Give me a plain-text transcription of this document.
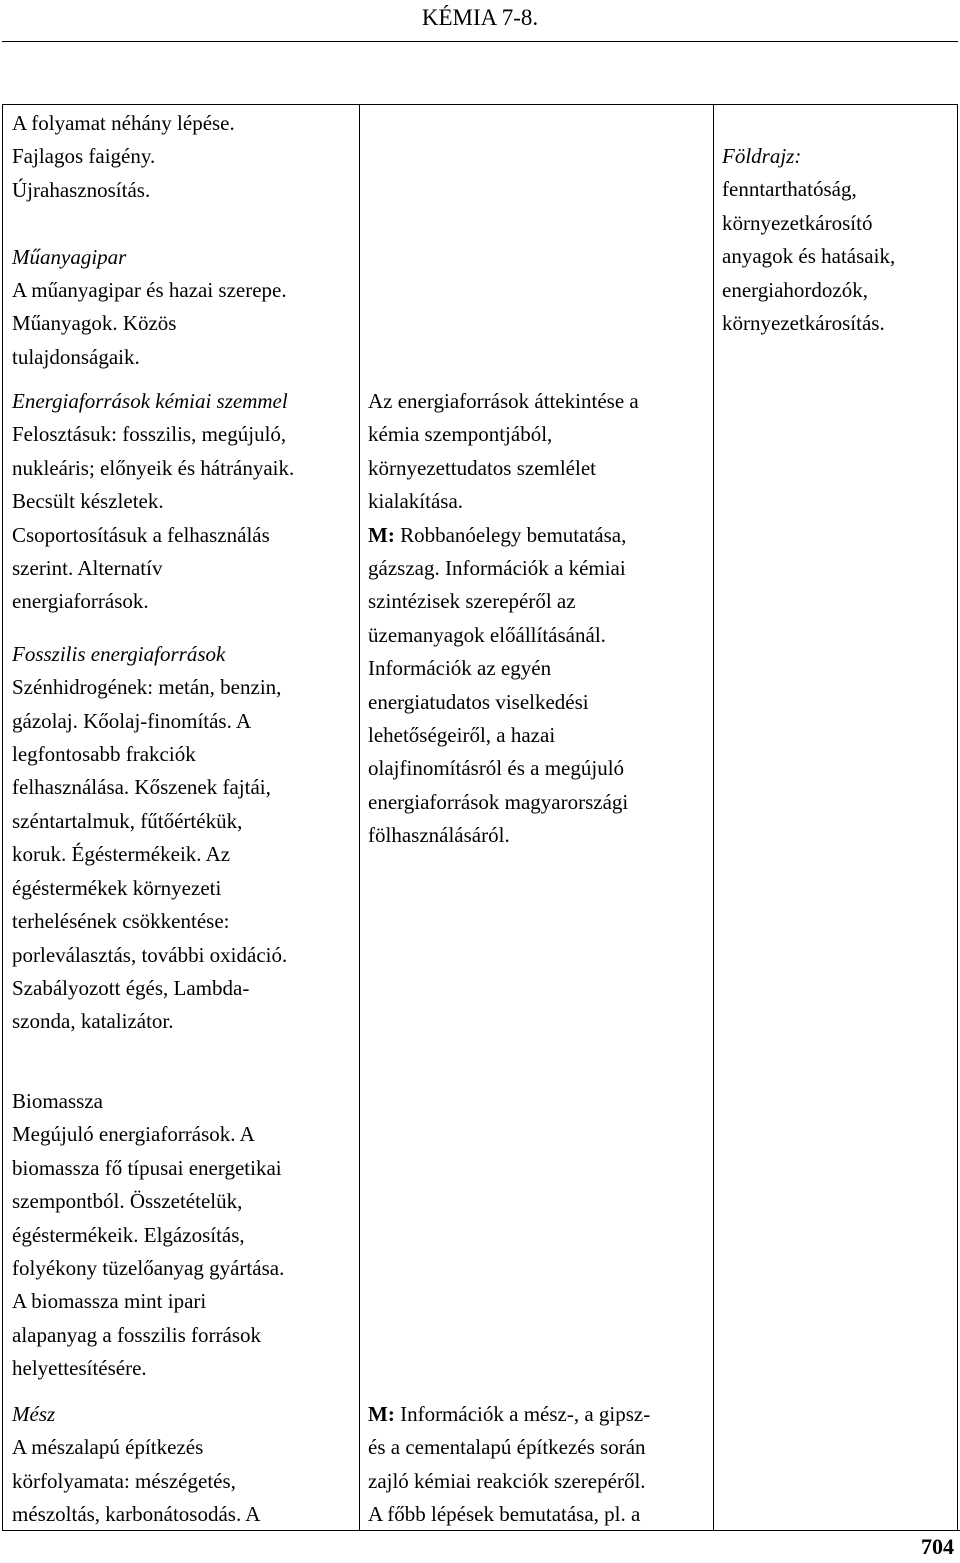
KÉMIA 7-8.

A folyamat néhány lépése.

Fajlagos faigény.

Újrahasznosítás.

Műanyagipar

A műanyagipar és hazai szerepe.

Műanyagok. Közös

tulajdonságaik.

Energiaforrások kémiai szemmel

Felosztásuk: fosszilis, megújuló,

nukleáris; előnyeik és hátrányaik.

Becsült készletek.

Csoportosításuk a felhasználás

szerint. Alternatív

energiaforrások.

Fosszilis energiaforrások

Szénhidrogének: metán, benzin,

gázolaj. Kőolaj-finomítás. A

legfontosabb frakciók

felhasználása. Kőszenek fajtái,

széntartalmuk, fűtőértékük,

koruk. Égéstermékeik. Az

égéstermékek környezeti

terhelésének csökkentése:

porleválasztás, további oxidáció.

Szabályozott égés, Lambda-

szonda, katalizátor.

Biomassza

Megújuló energiaforrások. A

biomassza fő típusai energetikai

szempontból. Összetételük,

égéstermékeik. Elgázosítás,

folyékony tüzelőanyag gyártása.

A biomassza mint ipari

alapanyag a fosszilis források

helyettesítésére.

Mész

A mészalapú építkezés

körfolyamata: mészégetés,

mészoltás, karbonátosodás. A

Az energiaforrások áttekintése a

kémia szempontjából,

környezettudatos szemlélet

kialakítása.

M: Robbanóelegy bemutatása,

gázszag. Információk a kémiai

szintézisek szerepéről az

üzemanyagok előállításánál.

Információk az egyén

energiatudatos viselkedési

lehetőségeiről, a hazai

olajfinomításról és a megújuló

energiaforrások magyarországi

fölhasználásáról.

M: Információk a mész-, a gipsz-

és a cementalapú építkezés során

zajló kémiai reakciók szerepéről.

A főbb lépések bemutatása, pl. a

Földrajz:

fenntarthatóság,

környezetkárosító

anyagok és hatásaik,

energiahordozók,

környezetkárosítás.

704
